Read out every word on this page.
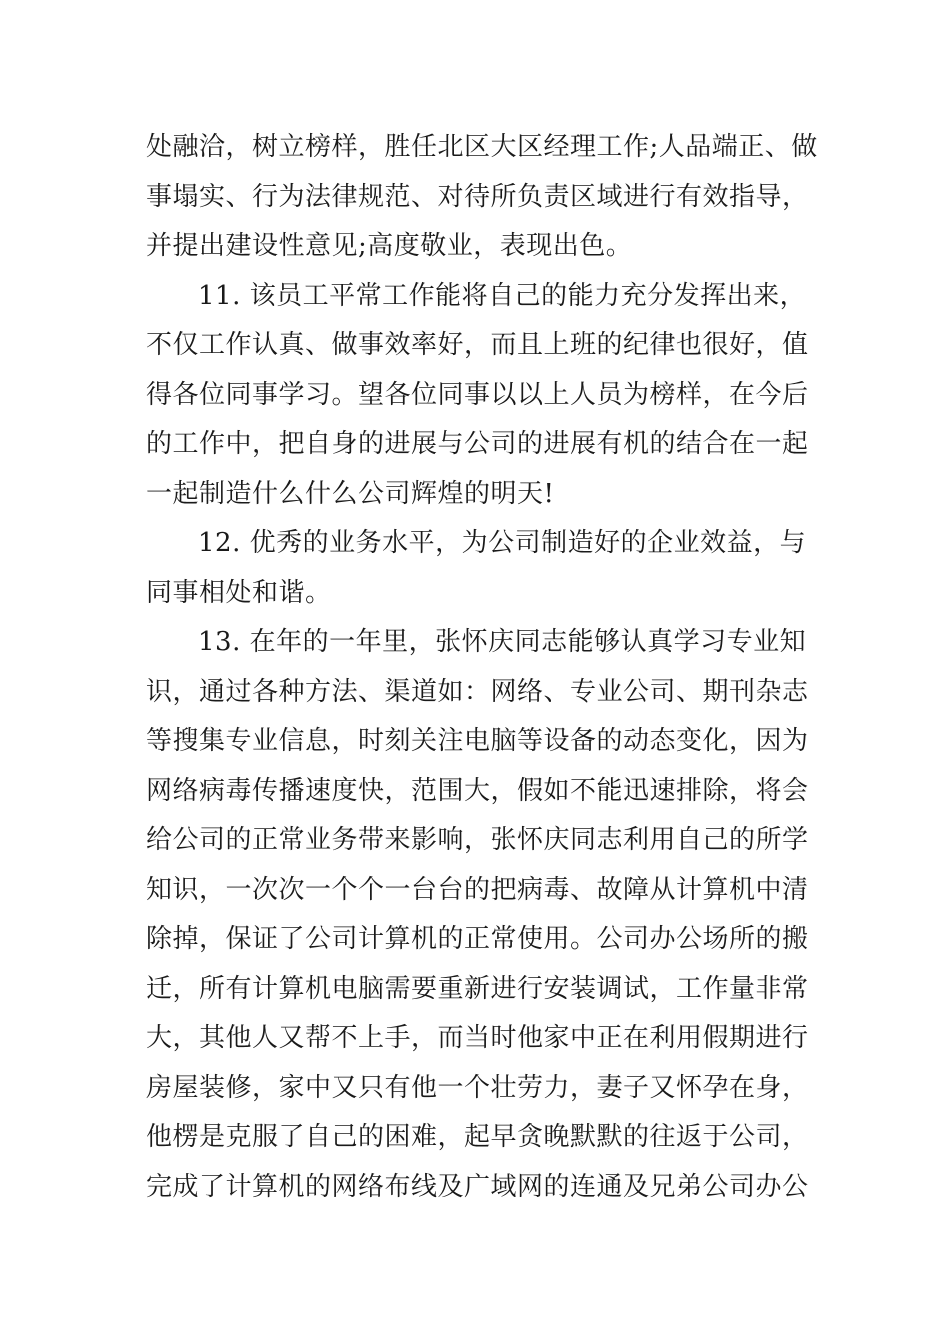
处融洽，树立榜样，胜任北区大区经理工作;人品端正、做
事塌实、行为法律规范、对待所负责区域进行有效指导，
并提出建设性意见;高度敬业，表现出色。
11. 该员工平常工作能将自己的能力充分发挥出来，
不仅工作认真、做事效率好，而且上班的纪律也很好，值
得各位同事学习。望各位同事以以上人员为榜样，在今后
的工作中，把自身的进展与公司的进展有机的结合在一起
一起制造什么什么公司辉煌的明天!
12. 优秀的业务水平，为公司制造好的企业效益，与
同事相处和谐。
13. 在年的一年里，张怀庆同志能够认真学习专业知
识，通过各种方法、渠道如：网络、专业公司、期刊杂志
等搜集专业信息，时刻关注电脑等设备的动态变化，因为
网络病毒传播速度快，范围大，假如不能迅速排除，将会
给公司的正常业务带来影响，张怀庆同志利用自己的所学
知识，一次次一个个一台台的把病毒、故障从计算机中清
除掉，保证了公司计算机的正常使用。公司办公场所的搬
迁，所有计算机电脑需要重新进行安装调试，工作量非常
大，其他人又帮不上手，而当时他家中正在利用假期进行
房屋装修，家中又只有他一个壮劳力，妻子又怀孕在身，
他楞是克服了自己的困难，起早贪晚默默的往返于公司，
完成了计算机的网络布线及广域网的连通及兄弟公司办公
